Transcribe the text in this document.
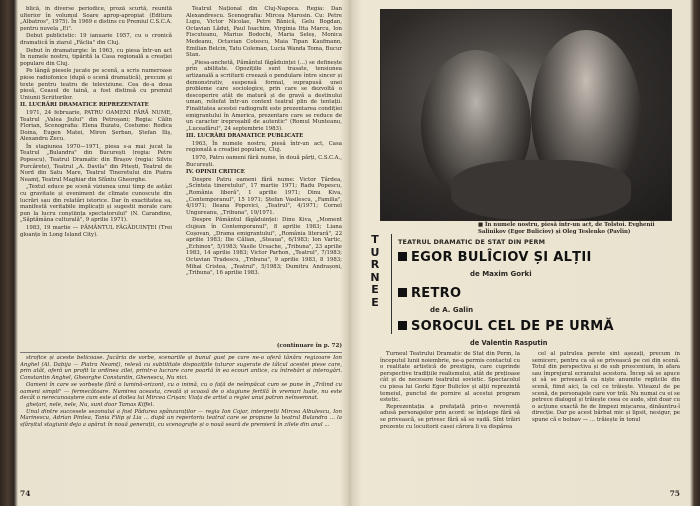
blică, în diverse periodice, proză scurtă, reunită ulterior în volumul Soare aprop-apropiat (Editura „Albatros", 1975). În 1969 e distins cu Premiul C.S.C.A. pentru nuvela „Ei".

Debut publicistic: 19 ianuarie 1957, cu o cronică dramatică în ziarul „Făclia" din Cluj.

Debut în dramaturgie: în 1963, cu piesa într-un act În numele nostru, tipărită la Casa regională a creației populare din Cluj.

Pe lângă piesele jucate pe scenă, a scris numeroase piese radiofonice (după o scenă dramatică), precum și texte pentru teatru de televiziune. Cea de-a doua piesă, Ceasul de taină, a fost distinsă cu premiul Uniunii Scriitorilor.

II. LUCRĂRI DRAMATICE REPREZENTATE

1971, 24 februarie, PATRU OAMENI FĂRĂ NUME, Teatrul „Valea Jiului" din Petroșani; Regia: Călin Florian, Scenografia: Elena Buzatu, Costume: Rodica Doina, Eugen Matei, Miron Șerban, Ștefan Iliș, Alexandru Zecu.

În stagiunea 1970—1971, piesa s-a mai jucat la Teatrul „Bulandra" din București (regia: Petre Popescu), Teatrul Dramatic din Brașov (regia: Silviu Purcărete), Teatrul „A. Davila" din Pitești, Teatrul de Nord din Satu Mare, Teatrul Tineretului din Piatra Neamț, Teatrul Maghiar din Sfântu Gheorghe.

„Textul educe pe scenă viziunea unui timp de astăzi cu gravitate și eveniment de climate cunoscute din lucrări sau din relatări istorice. Dar în exactitatea sa, manifestă veritabile implicații și sugestii morale care pun la lucru conștiința spectatorului" (N. Carandino, „Săptămâna culturală", 9 aprilie 1971).

1983, 19 martie — PĂMÂNTUL FĂGĂDUINȚEI (Trei gloanțe în Long Island City).

Teatrul Național din Cluj-Napoca. Regia: Dan Alexandrescu. Scenografia: Mircea Marosin. Cu: Petre Lupu, Victor Nicolae, Petre Bănică, Gelu Bogdan, Octavian Lăduț, Paul Ioachim, Virginia Itta Marcu, Ion Fiscuteanu, Marius Bodochi, Maria Seleș, Monica Medeanu, Octavian Cotescu, Maia Tipan Kaufmann, Emilian Belcin, Tatu Coleman, Lucia Wanda Toma, Bucur Stan.

„Piesa-anchetă, Pământul făgăduinței (...) se definește prin abilitate. Opozițiile sunt trasate, tensiunea artizanală a scriiturii creează o pendulare între sincer și demonstrativ, suspensă formal, suprapusă unei probleme care sociologice, prin care se dezvoltă o descoperire atât de matură și de gravă a destinului uman, reliefat într-un context teatral plin de tentații. Finalitatea acestei radiografii este prezentarea condiției emigrantului în America, prezentare care se reduce de un caracter ireproșabil de autentic" (Romul Munteanu, „Luceafărul", 24 septembrie 1983).

III. LUCRĂRI DRAMATICE PUBLICATE

1963, În numele nostru, piesă într-un act, Casa regională a creației populare, Cluj.

1970, Patru oameni fără nume, în două părți, C.S.C.A., București.

IV. OPINII CRITICE

Despre Patru oameni fără nume: Victor Țârdea, „Scînteia tineretului", 17 martie 1971; Radu Popescu, „România liberă", 1 aprilie 1971; Dinu Kiva, „Contemporanul", 15 1971; Ștefan Vasilescu, „Familia", 4/1971; Ileana Popovici, „Teatrul", 4/1971; Cornel Ungureanu, „Tribuna", 19/1971.

Despre Pământul făgăduinței: Dinu Kiva, „Moment clujean în Contemporanul", 8 aprilie 1983; Liana Coșovan, „Drama emigrantului", „România literară", 22 aprilie 1983; Ilie Călian, „Steaua", 6/1983; Ion Vartic, „Echinox", 5/1983; Vasile Ursache, „Tribuna", 23 aprilie 1983, 14 aprilie 1983; Victor Parhon, „Teatrul", 7/1983; Octavian Tradescu, „Tribuna", 9 aprilie 1983, 8 1983; Mihai Cristea, „Teatrul", 5/1983; Dumitru Andrașoni, „Tribuna", 16 aprilie 1983.

(continuare în p. 72)

strofice și aceste belicoase. Jucăria de vorbe, scenariile și bunul gust pe care ne-o oferă tânăra regizoare Ion Anghel (Al. Dabija — Piatra Neamț), relevă cu subtilitate dispozițiile tuturor sugerate de tâlcul acestei piese care, prin atât, oferă un profit la ordinea zilei, printr-o lucrare care poartă în ea ecouri antice, cu întrebări și interogări. Constantin Anghel, Gheorghe Constantin, Ghenescu, Nu nici.

Oameni în care se vorbește fără o lumină-orizont, cu o inimă, cu o față de neîmpăcat cum se pune în „Trăind cu oameni simpli" — fermecătoare. Numirea aceasta, creată și scoasă de o stagiune fertilă în vremuri luate, nu este decât o nerecunoaștere cum este al doilea lui Mircea Crișan: Viața de artist a regiei unui patron neînsemnat.

ghețari, nele, nele, Nu, sunt doar Tamas Kiffel.

Unul dintre succesele sezonului a fost Pădurea spânzuraților — regia Ion Cojar, interpreții Mircea Albulescu, Ion Marinescu, Adrian Pintea, Tania Filip și Lia ... după un repertoriu teatral care se propune la teatrul Bulandra ... la sfârșitul stagiunii deja a apărut în nouă generații, cu scenografie și o nouă seară de premieră în zilele din anul ...

74
■ În numele nostru, piesă într-un act, de Tolstoi. Evghenii Salinikov (Egor Bulicîov) și Oleg Teslenko (Pavlin)
T
U
R
N
E
E
TEATRUL DRAMATIC DE STAT DIN PERM
EGOR BULÎCIOV ȘI ALȚII
de Maxim Gorki
RETRO
de A. Galin
SOROCUL CEL DE PE URMĂ
de Valentin Rasputin

Turneul Teatrului Dramatic de Stat din Perm, la începutul lunii noiembrie, ne-a permis contactul cu o realitate artistică de prestigiu, care cuprinde perspective tradițiile realismului, atât de prețioase cât și de necesare teatrului sovietic. Spectacolul cu piesa lui Gorki Egor Bulicîov și alții reprezintă temeiul, punctul de pornire al acestui program estetic.

Reprezentația a prefațată prin-o reverență adusă personajelor prin acord: se înțelege fără să se privească, se privesc fără să se vadă. Sînt trăiri prezente cu locuitorii casei cărora li va dispărea

cel al patrulea perete sînt așezați, precum în semicerc, pentru ca să se privească pe cei din scenă. Totul din perspectiva și de sub proscenium, în afara sau împrejurul ecranului acestora. Încep să se apuce și să se privească ca niște anumite replicile din scenă, fiind aici, la cel ce trăiește. Viteazul de pe scenă, de personajele care vor trăi. Nu numai cu ei se petrece dialogul și trăiește ceea ce aude, sînt doar cu o acțiune exactă fie de limpezi mișcarea, dinăuntru-î direcție. Dar pe acest bărbat mic și lipsit, nesigur, pe spune că e bolnav — ... trăiește în tonul

75
